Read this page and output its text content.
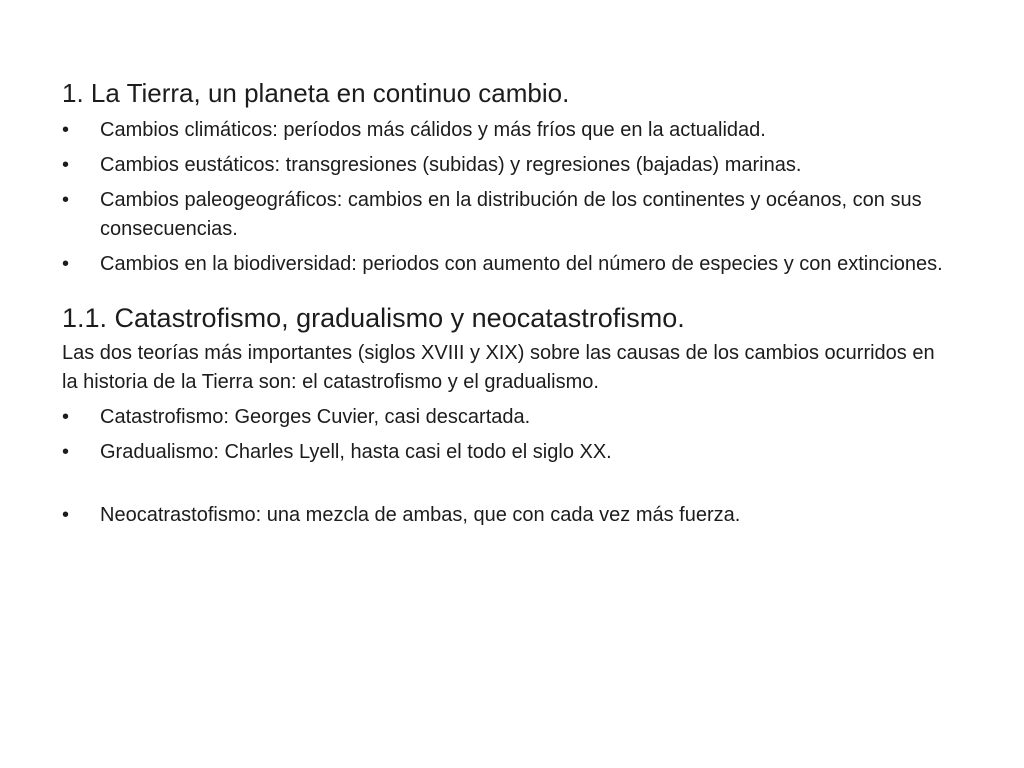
1. La Tierra, un planeta en continuo cambio.
•	Cambios climáticos: períodos más cálidos y más fríos que en la actualidad.
•	Cambios eustáticos: transgresiones (subidas) y regresiones (bajadas) marinas.
•	Cambios paleogeográficos: cambios en la distribución de los continentes y océanos, con sus consecuencias.
•	Cambios en la biodiversidad: periodos con aumento del número de especies y con extinciones.
1.1. Catastrofismo, gradualismo y neocatastrofismo.

Las dos teorías más importantes (siglos XVIII y XIX) sobre las causas de los cambios ocurridos en la historia de la Tierra son: el catastrofismo y el gradualismo.

•	Catastrofismo: Georges Cuvier, casi descartada.
•	Gradualismo: Charles Lyell, hasta casi el todo el siglo XX.
•	Neocatrastofismo: una mezcla de ambas, que con cada vez más fuerza.
